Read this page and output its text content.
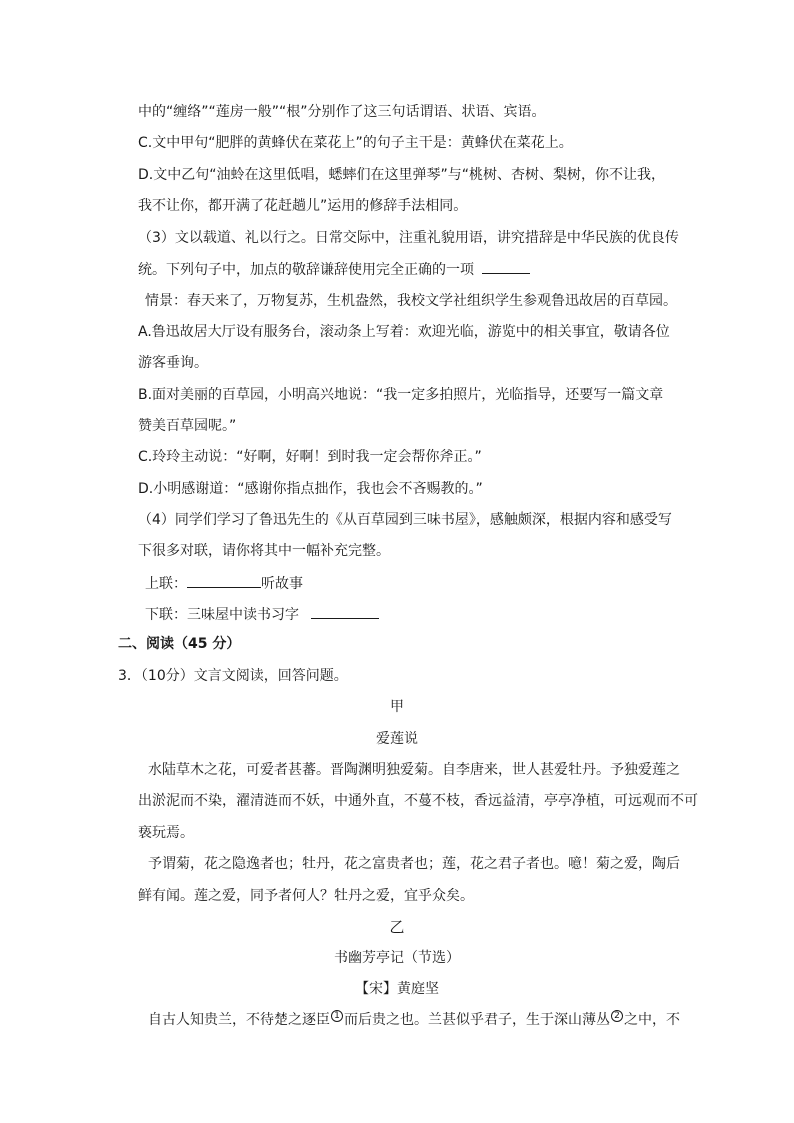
中的“缠络”“莲房一般”“根”分别作了这三句话谓语、状语、宾语。
C.文中甲句“肥胖的黄蜂伏在菜花上”的句子主干是：黄蜂伏在菜花上。
D.文中乙句“油蛉在这里低唱，蟋蟀们在这里弹琴”与“桃树、杏树、梨树，你不让我，
我不让你，都开满了花赶趟儿”运用的修辞手法相同。
（3）文以载道、礼以行之。日常交际中，注重礼貌用语，讲究措辞是中华民族的优良传
统。下列句子中，加点的敬辞谦辞使用完全正确的一项
情景：春天来了，万物复苏，生机盎然，我校文学社组织学生参观鲁迅故居的百草园。
A.鲁迅故居大厅设有服务台，滚动条上写着：欢迎光临，游览中的相关事宜，敬请各位
游客垂询。
B.面对美丽的百草园，小明高兴地说：“我一定多拍照片，光临指导，还要写一篇文章
赞美百草园呢。”
C.玲玲主动说：“好啊，好啊！到时我一定会帮你斧正。”
D.小明感谢道：“感谢你指点拙作，我也会不吝赐教的。”
（4）同学们学习了鲁迅先生的《从百草园到三味书屋》，感触颇深，根据内容和感受写
下很多对联，请你将其中一幅补充完整。
上联：	听故事
下联：三味屋中读书习字
二、阅读（45 分）
3．（10分）文言文阅读，回答问题。
甲
爱莲说
水陆草木之花，可爱者甚蕃。晋陶渊明独爱菊。自李唐来，世人甚爱牡丹。予独爱莲之
出淤泥而不染，濯清涟而不妖，中通外直，不蔓不枝，香远益清，亭亭净植，可远观而不可
亵玩焉。
予谓菊，花之隐逸者也；牡丹，花之富贵者也；莲，花之君子者也。噫！菊之爱，陶后
鲜有闻。莲之爱，同予者何人？牡丹之爱，宜乎众矣。
乙
书幽芳亭记（节选）
【宋】黄庭坚
自古人知贵兰，不待楚之逐臣 1 而后贵之也。兰甚似乎君子，生于深山薄丛 2 之中，不
